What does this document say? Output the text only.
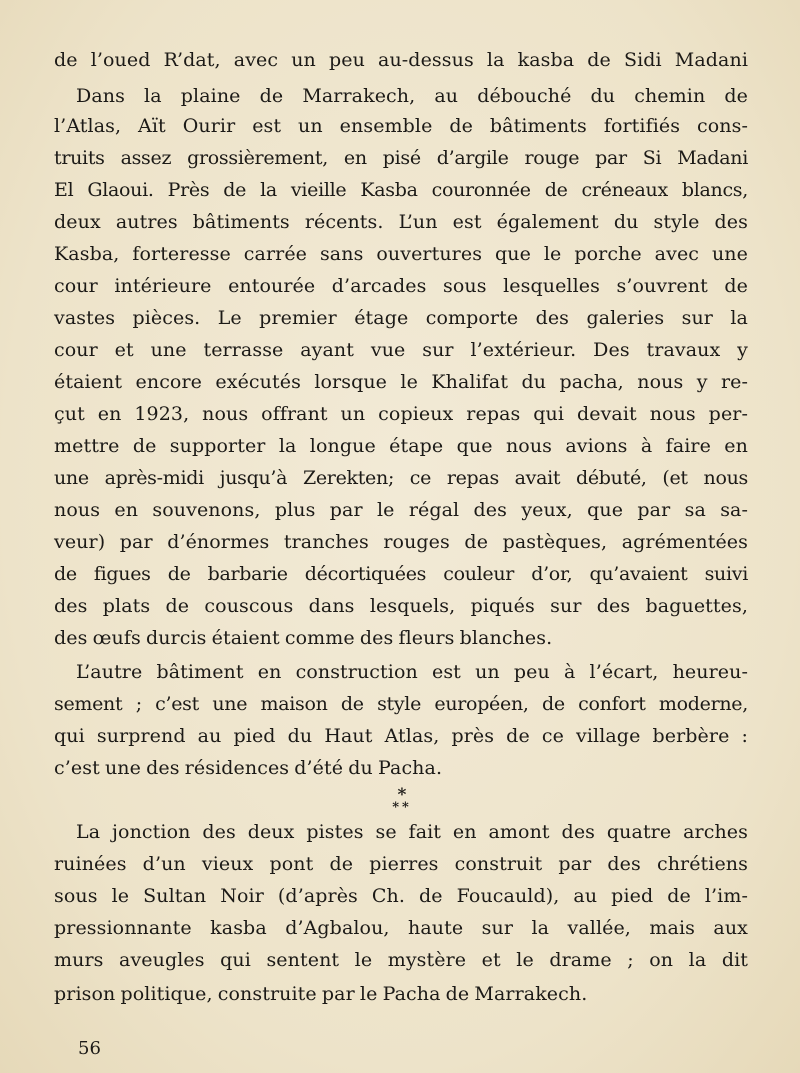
de l’oued R’dat, avec un peu au-dessus la kasba de Sidi Madani

Dans la plaine de Marrakech, au débouché du chemin de

l’Atlas, Aït Ourir est un ensemble de bâtiments fortifiés cons-

truits assez grossièrement, en pisé d’argile rouge par Si Madani

El Glaoui. Près de la vieille Kasba couronnée de créneaux blancs,

deux autres bâtiments récents. L’un est également du style des

Kasba, forteresse carrée sans ouvertures que le porche avec une

cour intérieure entourée d’arcades sous lesquelles s’ouvrent de

vastes pièces. Le premier étage comporte des galeries sur la

cour et une terrasse ayant vue sur l’extérieur. Des travaux y

étaient encore exécutés lorsque le Khalifat du pacha, nous y re-

çut en 1923, nous offrant un copieux repas qui devait nous per-

mettre de supporter la longue étape que nous avions à faire en

une après-midi jusqu’à Zerekten; ce repas avait débuté, (et nous

nous en souvenons, plus par le régal des yeux, que par sa sa-

veur) par d’énormes tranches rouges de pastèques, agrémentées

de figues de barbarie décortiquées couleur d’or, qu’avaient suivi

des plats de couscous dans lesquels, piqués sur des baguettes,

des œufs durcis étaient comme des fleurs blanches.

L’autre bâtiment en construction est un peu à l’écart, heureu-

sement ; c’est une maison de style européen, de confort moderne,

qui surprend au pied du Haut Atlas, près de ce village berbère :

c’est une des résidences d’été du Pacha.

*
**

La jonction des deux pistes se fait en amont des quatre arches

ruinées d’un vieux pont de pierres construit par des chrétiens

sous le Sultan Noir (d’après Ch. de Foucauld), au pied de l’im-

pressionnante kasba d’Agbalou, haute sur la vallée, mais aux

murs aveugles qui sentent le mystère et le drame ; on la dit

prison politique, construite par le Pacha de Marrakech.

56
